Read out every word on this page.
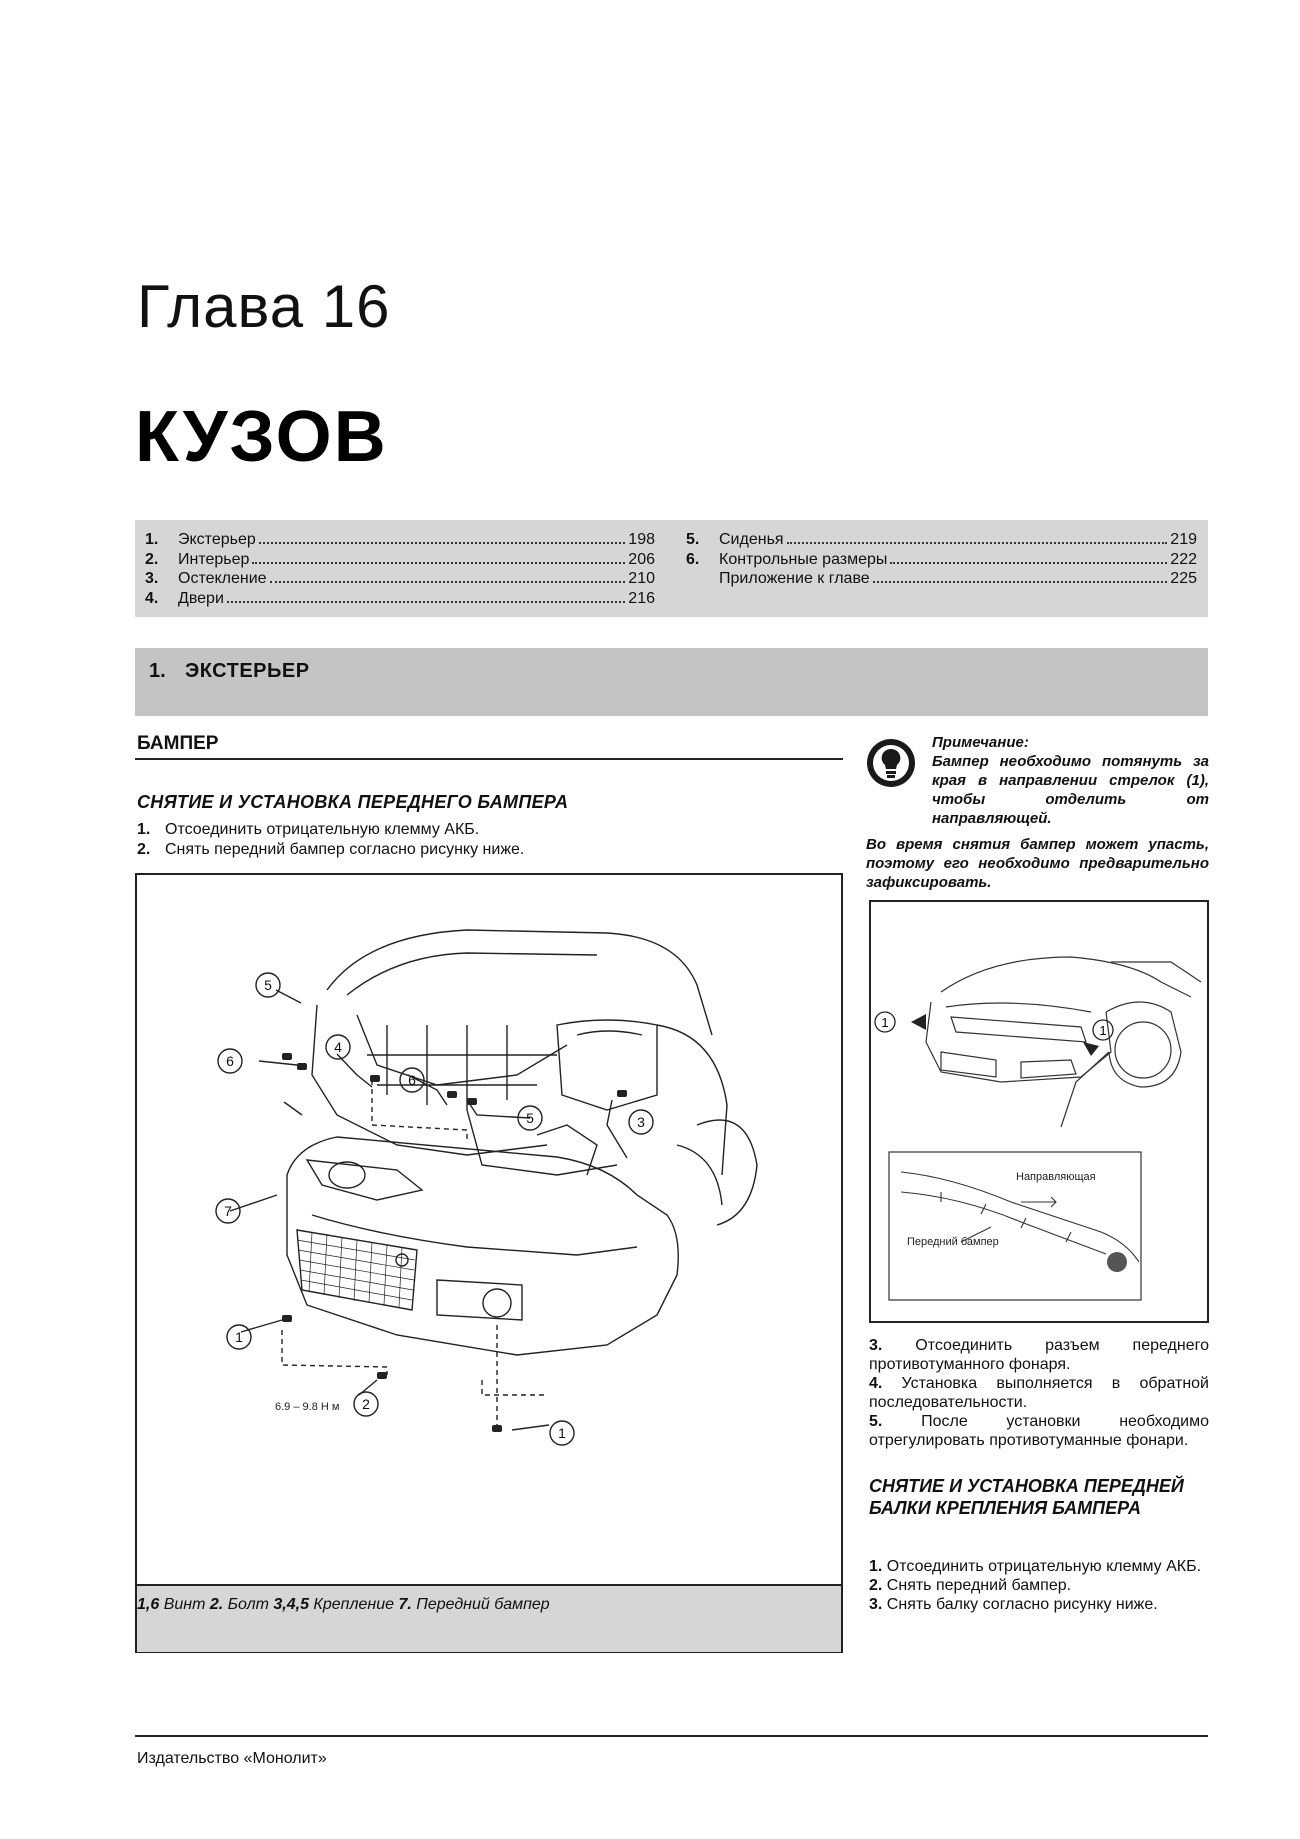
Глава 16
КУЗОВ
1.	Экстерьер	198
2.	Интерьер	206
3.	Остекление	210
4.	Двери	216
5.	Сиденья	219
6.	Контрольные размеры	222
Приложение к главе	225
1. ЭКСТЕРЬЕР
БАМПЕР
СНЯТИЕ И УСТАНОВКА ПЕРЕДНЕГО БАМПЕРА
1. Отсоединить отрицательную клемму АКБ.
2. Снять передний бампер согласно рисунку ниже.
5
6
4
6
5	3
7
1
2
1
6.9 – 9.8 Н м
1,6 Винт 2. Болт 3,4,5 Крепление 7. Передний бампер
Примечание:
Бампер необходимо потянуть за края в направлении стрелок (1), чтобы отделить от направляющей.
Во время снятия бампер может упасть, поэтому его необходимо предварительно зафиксировать.
1
1
Направляющая
Передний бампер

3. Отсоединить разъем переднего противотуманного фонаря.

4. Установка выполняется в обратной последовательности.

5. После установки необходимо отрегулировать противотуманные фонари.

СНЯТИЕ И УСТАНОВКА ПЕРЕДНЕЙ БАЛКИ КРЕПЛЕНИЯ БАМПЕРА

1. Отсоединить отрицательную клемму АКБ.

2. Снять передний бампер.

3. Снять балку согласно рисунку ниже.

Издательство «Монолит»
